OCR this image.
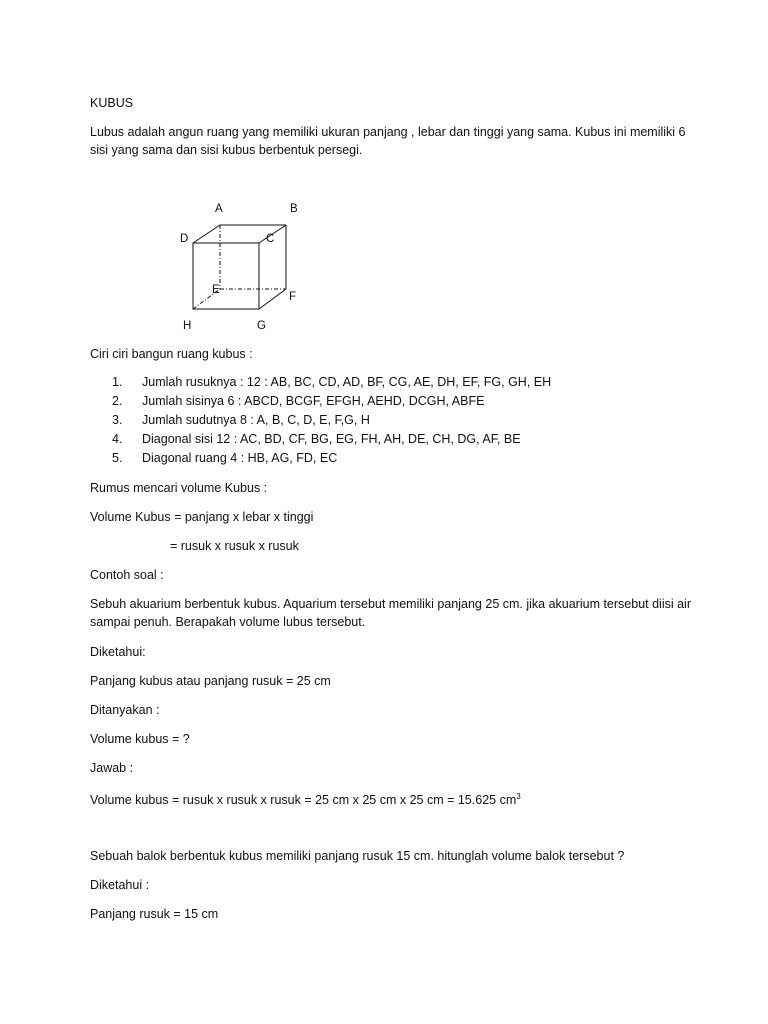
KUBUS
Lubus adalah angun ruang yang memiliki ukuran panjang , lebar dan tinggi yang sama. Kubus ini memiliki 6 sisi yang sama dan sisi kubus berbentuk persegi.
A	B
C
D
E
F
G
H
Ciri ciri bangun ruang kubus :
1.	Jumlah rusuknya : 12 : AB, BC, CD, AD, BF, CG, AE, DH, EF, FG, GH, EH
2.	Jumlah sisinya 6 : ABCD, BCGF, EFGH, AEHD, DCGH, ABFE
3.	Jumlah sudutnya 8 : A, B, C, D, E, F,G, H
4.	Diagonal sisi 12 : AC, BD, CF, BG, EG, FH, AH, DE, CH, DG, AF, BE
5.	Diagonal ruang 4 : HB, AG, FD, EC
Rumus mencari volume Kubus :
Volume Kubus = panjang x lebar x tinggi
= rusuk x rusuk x rusuk
Contoh soal :
Sebuh akuarium berbentuk kubus. Aquarium tersebut memiliki panjang 25 cm. jika akuarium tersebut diisi air sampai penuh. Berapakah volume lubus tersebut.
Diketahui:
Panjang kubus atau panjang rusuk = 25 cm
Ditanyakan :
Volume kubus = ?
Jawab :
Volume kubus = rusuk x rusuk x rusuk = 25 cm x 25 cm x 25 cm = 15.625 $cm^3$
Sebuah balok berbentuk kubus memiliki panjang rusuk 15 cm. hitunglah volume balok tersebut ?
Diketahui :
Panjang rusuk = 15 cm
